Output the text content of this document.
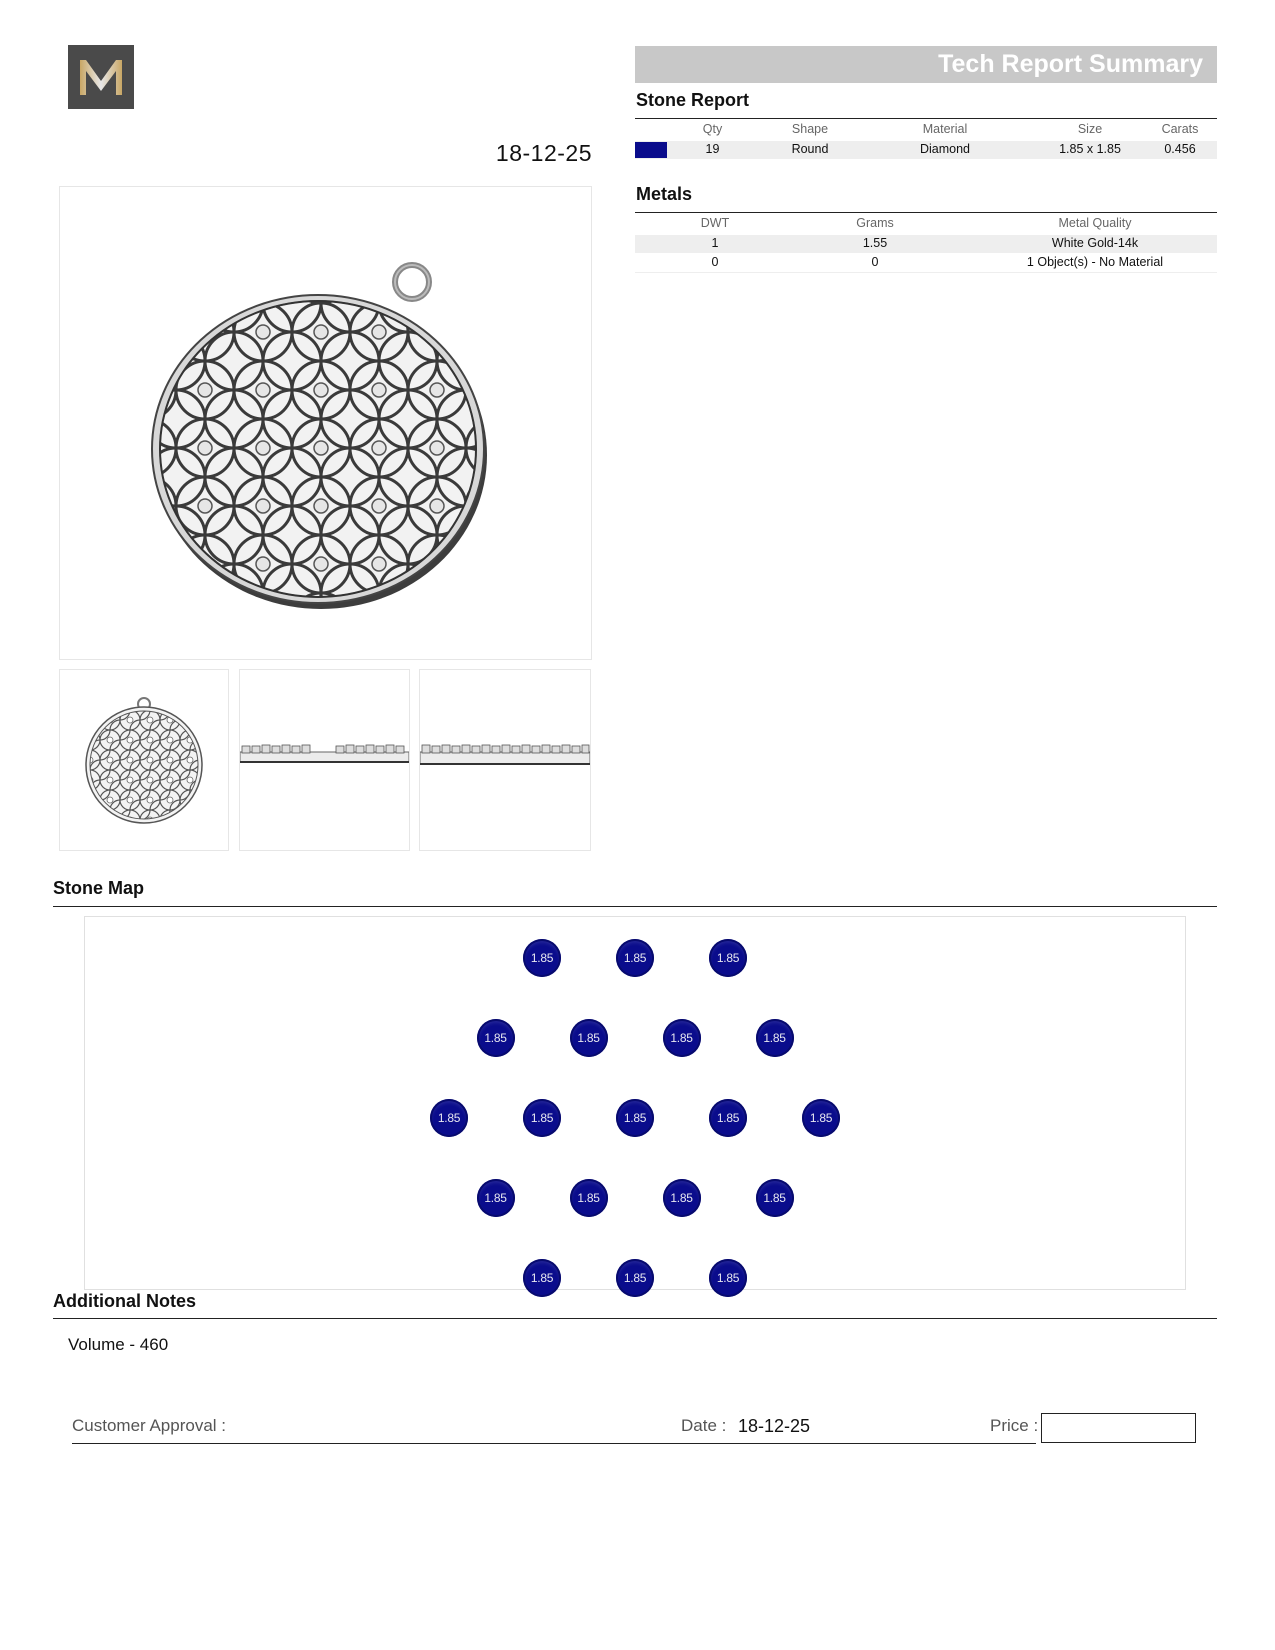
18-12-25
Tech Report Summary
Stone Report
Qty	Shape	Material	Size	Carats
19	Round	Diamond	1.85 x 1.85	0.456
Metals
DWT	Grams	Metal Quality
1	1.55	White Gold-14k
0	0	1 Object(s) - No Material
Stone Map
1.85	1.85	1.85
1.85	1.85	1.85	1.85
1.85	1.85	1.85	1.85	1.85
1.85	1.85	1.85	1.85
1.85	1.85	1.85
Additional Notes
Volume - 460
Customer Approval :	Date : 18-12-25	Price :
